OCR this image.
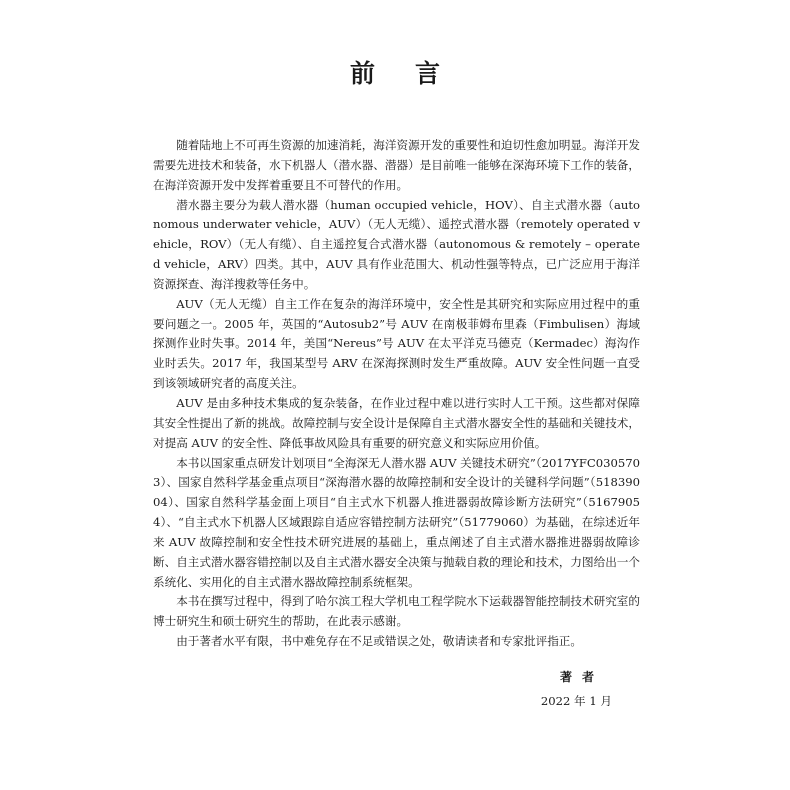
前言

随着陆地上不可再生资源的加速消耗，海洋资源开发的重要性和迫切性愈加明显。海洋开发需要先进技术和装备，水下机器人（潜水器、潜器）是目前唯一能够在深海环境下工作的装备，在海洋资源开发中发挥着重要且不可替代的作用。

潜水器主要分为载人潜水器（human occupied vehicle，HOV）、自主式潜水器（autonomous underwater vehicle，AUV）（无人无缆）、遥控式潜水器（remotely operated vehicle，ROV）（无人有缆）、自主遥控复合式潜水器（autonomous & remotely – operated vehicle，ARV）四类。其中，AUV 具有作业范围大、机动性强等特点，已广泛应用于海洋资源探查、海洋搜救等任务中。

AUV（无人无缆）自主工作在复杂的海洋环境中，安全性是其研究和实际应用过程中的重要问题之一。2005 年，英国的“Autosub2”号 AUV 在南极菲姆布里森（Fimbulisen）海域探测作业时失事。2014 年，美国“Nereus”号 AUV 在太平洋克马德克（Kermadec）海沟作业时丢失。2017 年，我国某型号 ARV 在深海探测时发生严重故障。AUV 安全性问题一直受到该领域研究者的高度关注。

AUV 是由多种技术集成的复杂装备，在作业过程中难以进行实时人工干预。这些都对保障其安全性提出了新的挑战。故障控制与安全设计是保障自主式潜水器安全性的基础和关键技术，对提高 AUV 的安全性、降低事故风险具有重要的研究意义和实际应用价值。

本书以国家重点研发计划项目“全海深无人潜水器 AUV 关键技术研究”（2017YFC0305703）、国家自然科学基金重点项目“深海潜水器的故障控制和安全设计的关键科学问题”（51839004）、国家自然科学基金面上项目“自主式水下机器人推进器弱故障诊断方法研究”（51679054）、“自主式水下机器人区域跟踪自适应容错控制方法研究”（51779060）为基础，在综述近年来 AUV 故障控制和安全性技术研究进展的基础上，重点阐述了自主式潜水器推进器弱故障诊断、自主式潜水器容错控制以及自主式潜水器安全决策与抛载自救的理论和技术，力图给出一个系统化、实用化的自主式潜水器故障控制系统框架。

本书在撰写过程中，得到了哈尔滨工程大学机电工程学院水下运载器智能控制技术研究室的博士研究生和硕士研究生的帮助，在此表示感谢。

由于著者水平有限，书中难免存在不足或错误之处，敬请读者和专家批评指正。

著者
2022 年 1 月
